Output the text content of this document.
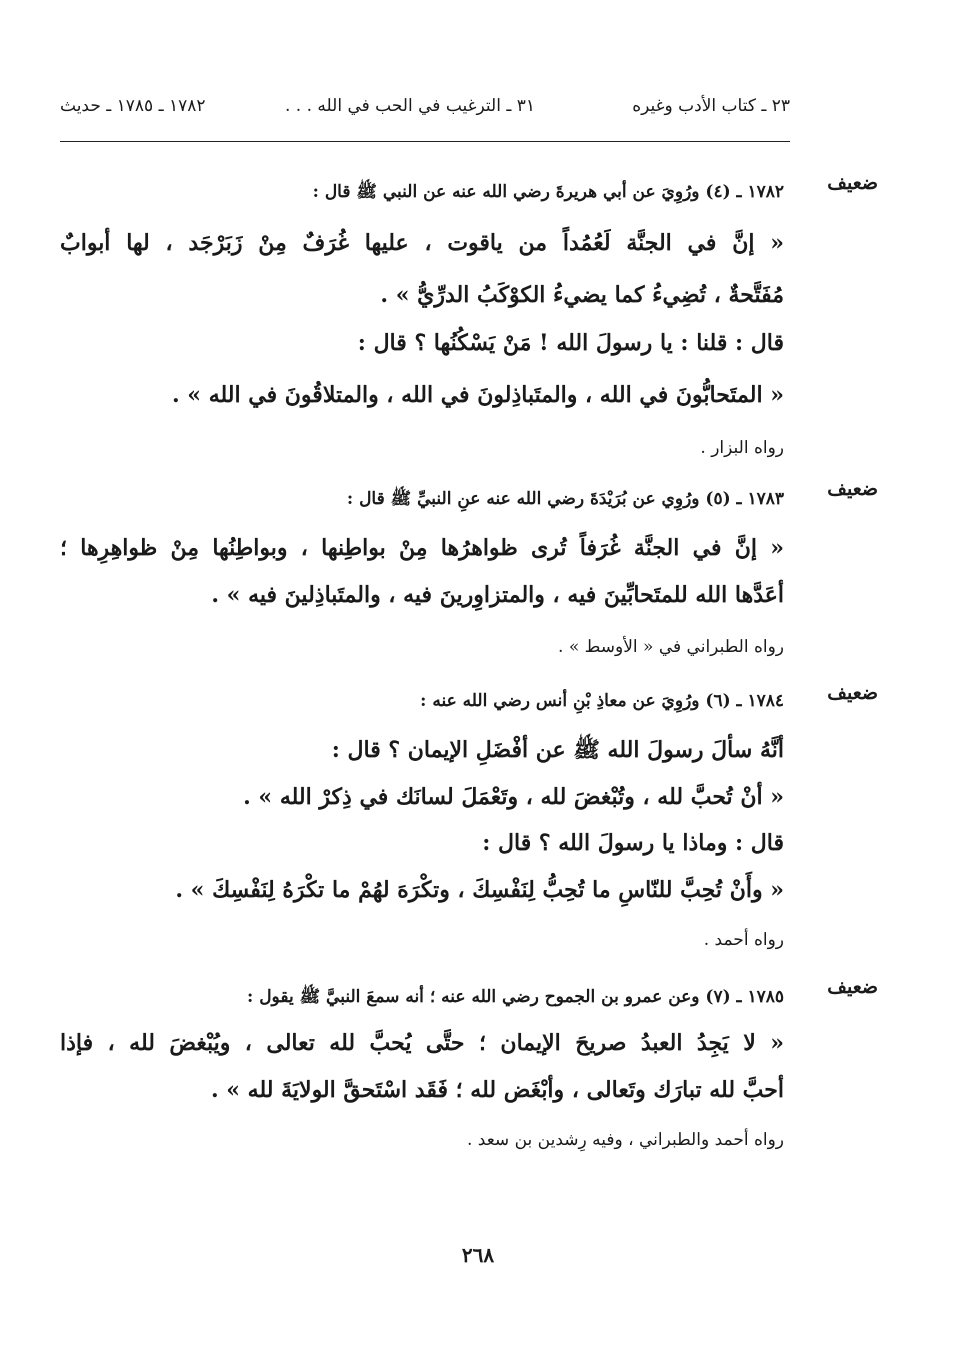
٢٣ ـ كتاب الأدب وغيره
٣١ ـ الترغيب في الحب في الله . . .
١٧٨٢ ـ ١٧٨٥ ـ حديث
ضعيف
١٧٨٢ ـ (٤) ورُوِيَ عن أبي هريرةَ رضي الله عنه عن النبي ﷺ قال :
« إنَّ في الجنَّة لَعُمُداً من ياقوت ، عليها غُرَفٌ مِنْ زَبَرْجَد ، لها أبوابٌ
مُفَتَّحةٌ ، تُضِيءُ كما يضيءُ الكوْكَبُ الدرِّيُّ » .
قال : قلنا : يا رسولَ الله ! مَنْ يَسْكُنُها ؟ قال :
« المتَحابُّونَ في الله ، والمتَباذِلونَ في الله ، والمتلاقُونَ في الله » .
رواه البزار .
ضعيف
١٧٨٣ ـ (٥) ورُوِي عن بُرَيْدَةَ رضي الله عنه عنِ النبيِّ ﷺ قال :
« إنَّ في الجنَّة غُرَفاً تُرى ظواهرُها مِنْ بواطِنها ، وبواطِنُها مِنْ ظواهِرِها ؛
أعَدَّها الله للمتَحابِّينَ فيه ، والمتزاوِرينَ فيه ، والمتَباذِلينَ فيه » .
رواه الطبراني في « الأوسط » .
ضعيف
١٧٨٤ ـ (٦) ورُوِيَ عن معاذِ بْنِ أنس رضي الله عنه :
أنَّهُ سألَ رسولَ الله ﷺ عن أفْضَلِ الإيمان ؟ قال :
« أنْ تُحبَّ لله ، وتُبْغضَ لله ، وتَعْمَلَ لسانَك في ذِكرْ الله » .
قال : وماذا يا رسولَ الله ؟ قال :
« وأَنْ تُحِبَّ للنّاسِ ما تُحِبُّ لِنَفْسِكَ ، وتكْرَهَ لهُمْ ما تكْرَهُ لِنَفْسِكَ » .
رواه أحمد .
ضعيف
١٧٨٥ ـ (٧) وعن عمرو بن الجموح رضي الله عنه ؛ أنه سمعَ النبيَّ ﷺ يقول :
« لا يَجِدُ العبدُ صريحَ الإيمان ؛ حتَّى يُحبَّ لله تعالى ، ويُبْغضَ لله ، فإذا
أحبَّ لله تبارَك وتَعالى ، وأبْغَض لله ؛ فَقَد اسْتَحقَّ الولايَةَ لله » .
رواه أحمد والطبراني ، وفيه رِشدين بن سعد .
٢٦٨
